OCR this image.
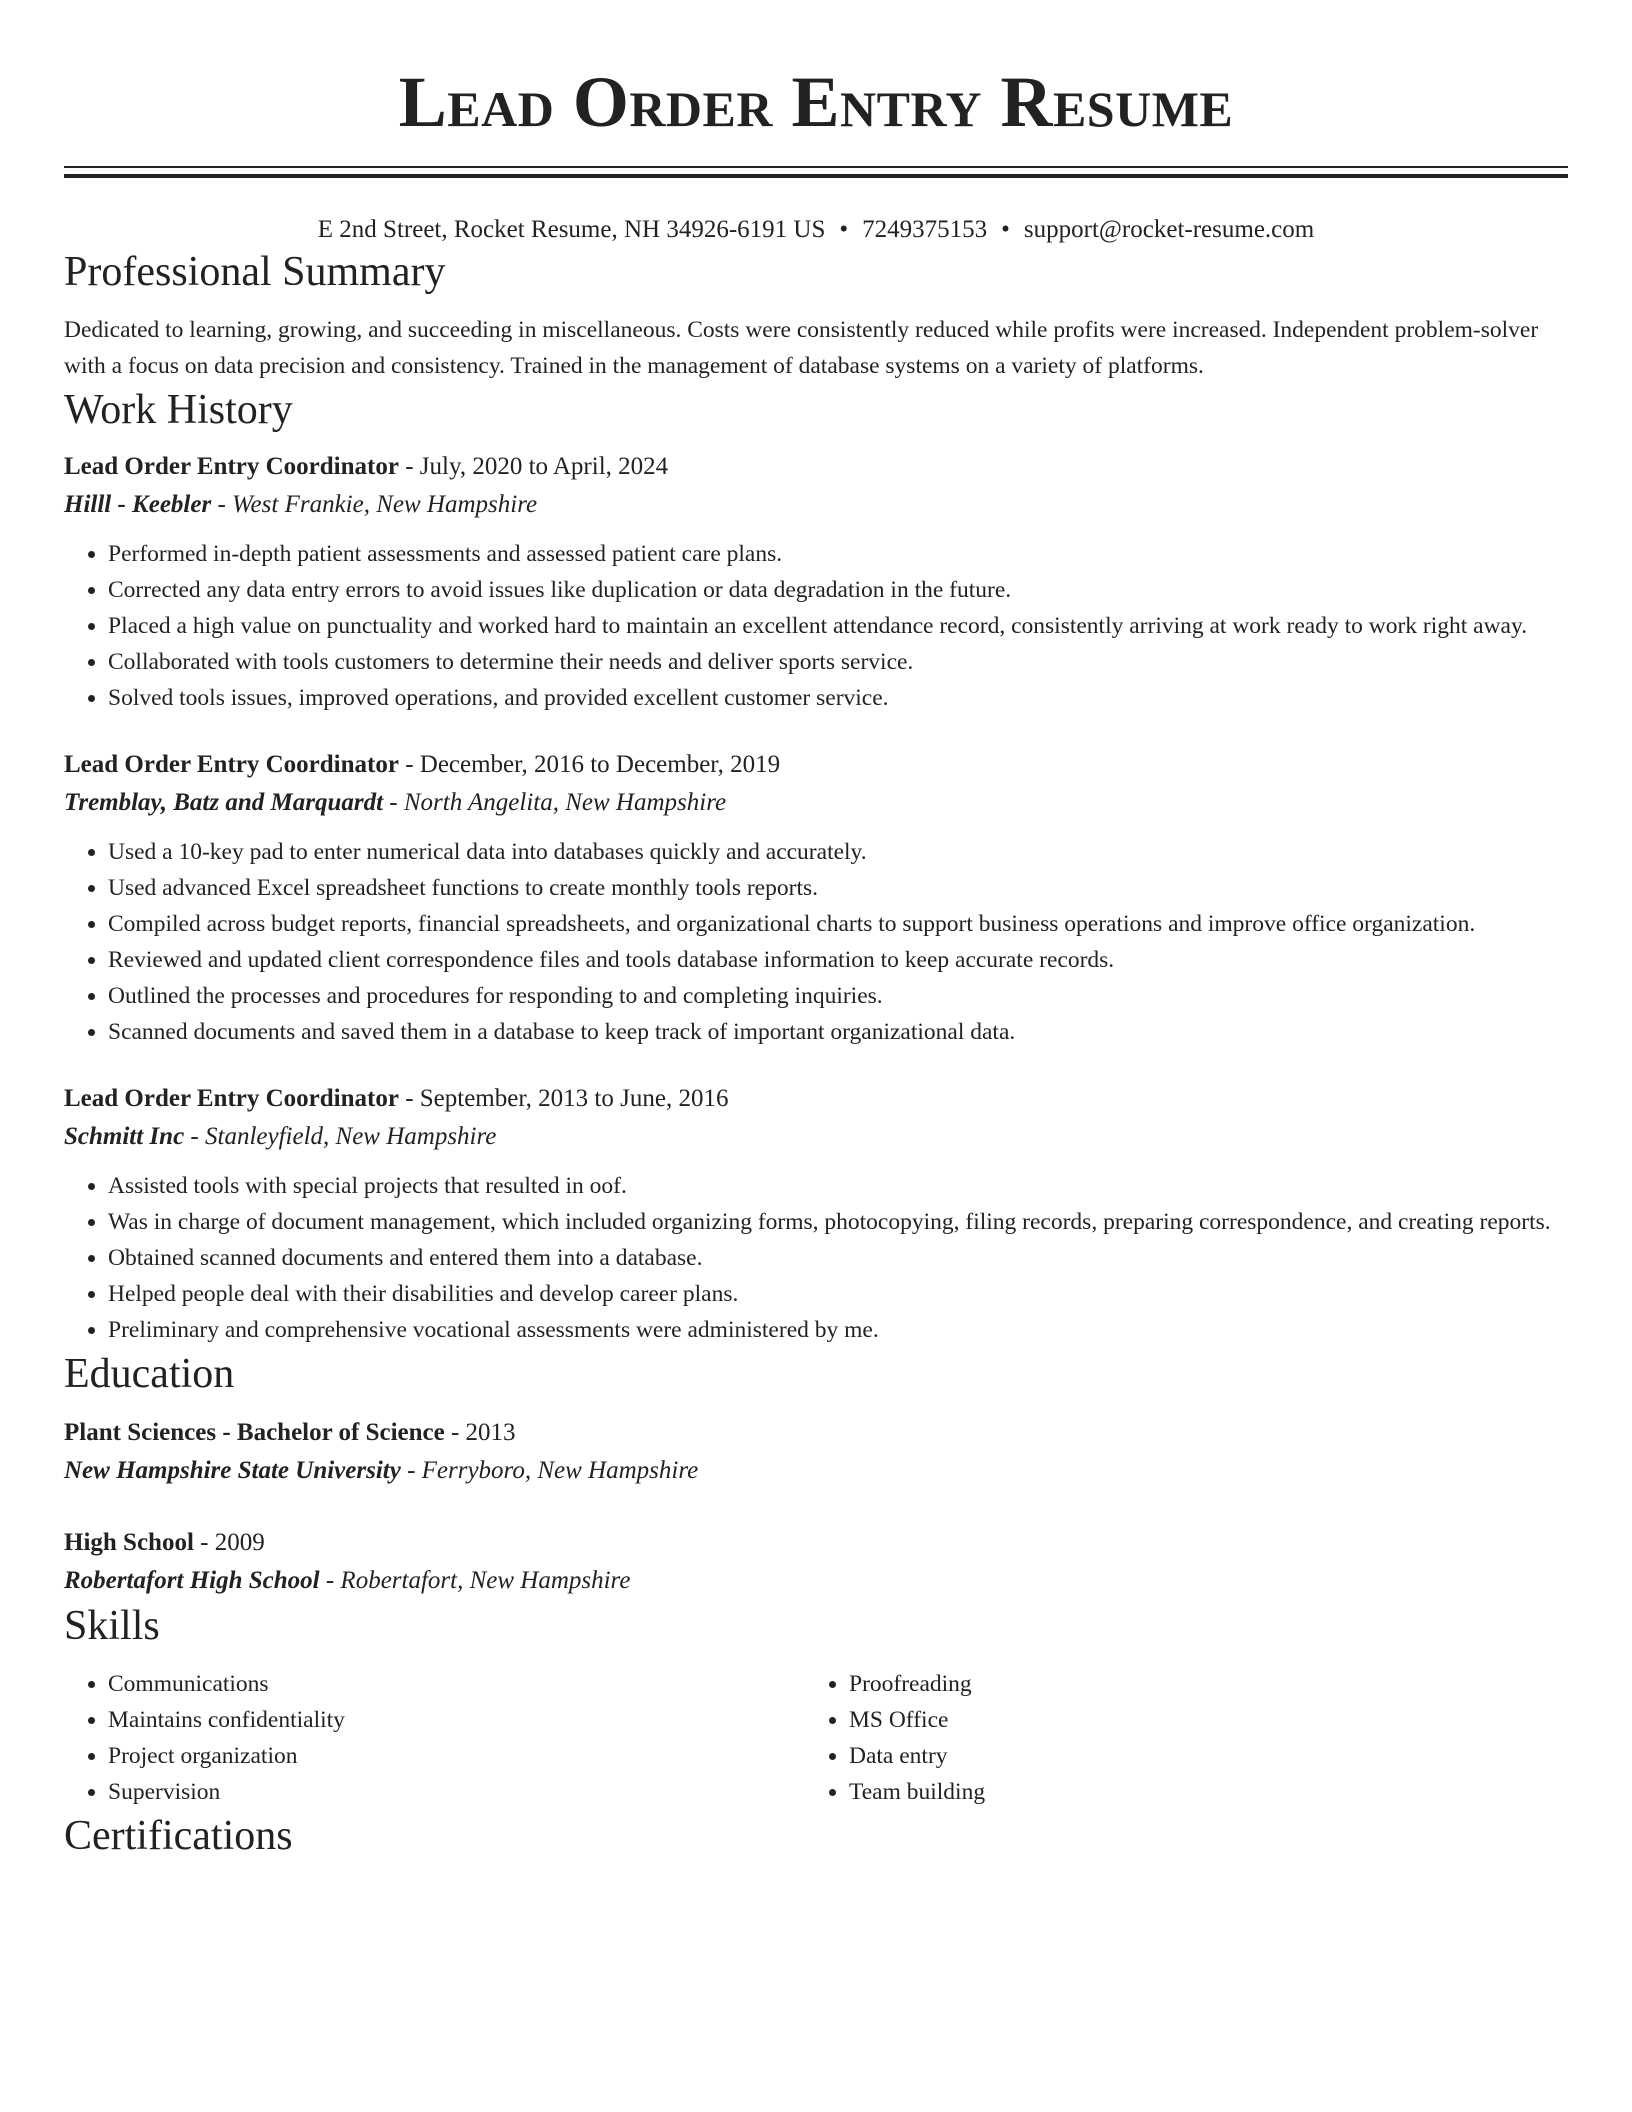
Lead Order Entry Resume
E 2nd Street, Rocket Resume, NH 34926-6191 US • 7249375153 • support@rocket-resume.com
Professional Summary
Dedicated to learning, growing, and succeeding in miscellaneous. Costs were consistently reduced while profits were increased. Independent problem-solver with a focus on data precision and consistency. Trained in the management of database systems on a variety of platforms.
Work History
Lead Order Entry Coordinator - July, 2020 to April, 2024
Hilll - Keebler - West Frankie, New Hampshire
• Performed in-depth patient assessments and assessed patient care plans.
• Corrected any data entry errors to avoid issues like duplication or data degradation in the future.
• Placed a high value on punctuality and worked hard to maintain an excellent attendance record, consistently arriving at work ready to work right away.
• Collaborated with tools customers to determine their needs and deliver sports service.
• Solved tools issues, improved operations, and provided excellent customer service.
Lead Order Entry Coordinator - December, 2016 to December, 2019
Tremblay, Batz and Marquardt - North Angelita, New Hampshire
• Used a 10-key pad to enter numerical data into databases quickly and accurately.
• Used advanced Excel spreadsheet functions to create monthly tools reports.
• Compiled across budget reports, financial spreadsheets, and organizational charts to support business operations and improve office organization.
• Reviewed and updated client correspondence files and tools database information to keep accurate records.
• Outlined the processes and procedures for responding to and completing inquiries.
• Scanned documents and saved them in a database to keep track of important organizational data.
Lead Order Entry Coordinator - September, 2013 to June, 2016
Schmitt Inc - Stanleyfield, New Hampshire
• Assisted tools with special projects that resulted in oof.
• Was in charge of document management, which included organizing forms, photocopying, filing records, preparing correspondence, and creating reports.
• Obtained scanned documents and entered them into a database.
• Helped people deal with their disabilities and develop career plans.
• Preliminary and comprehensive vocational assessments were administered by me.
Education
Plant Sciences - Bachelor of Science - 2013
New Hampshire State University - Ferryboro, New Hampshire
High School - 2009
Robertafort High School - Robertafort, New Hampshire
Skills
• Communications
• Maintains confidentiality
• Project organization
• Supervision
• Proofreading
• MS Office
• Data entry
• Team building
Certifications
